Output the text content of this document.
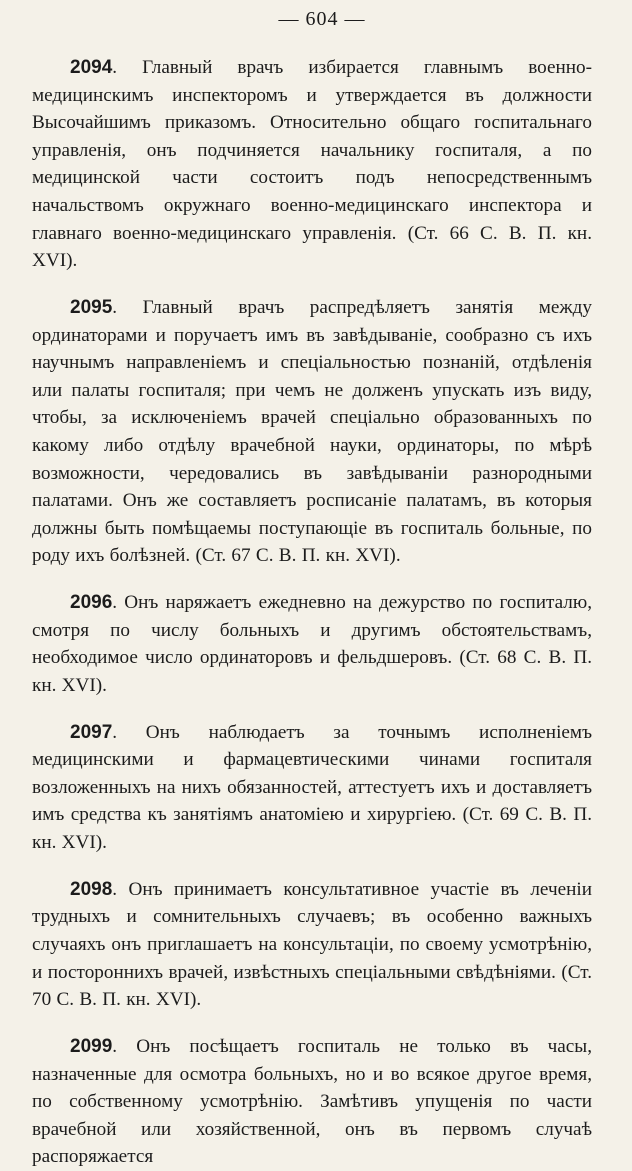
— 604 —

2094. Главный врачъ избирается главнымъ военно-медицинскимъ инспекторомъ и утверждается въ должности Высочайшимъ приказомъ. Относительно общаго госпитальнаго управленія, онъ подчиняется начальнику госпиталя, а по медицинской части состоитъ подъ непосредственнымъ начальствомъ окружнаго военно-медицинскаго инспектора и главнаго военно-медицинскаго управленія. (Ст. 66 С. В. П. кн. XVI).

2095. Главный врачъ распредѣляетъ занятія между ординаторами и поручаетъ имъ въ завѣдываніе, сообразно съ ихъ научнымъ направленіемъ и спеціальностью познаній, отдѣленія или палаты госпиталя; при чемъ не долженъ упускать изъ виду, чтобы, за исключеніемъ врачей спеціально образованныхъ по какому либо отдѣлу врачебной науки, ординаторы, по мѣрѣ возможности, чередовались въ завѣдываніи разнородными палатами. Онъ же составляетъ росписаніе палатамъ, въ которыя должны быть помѣщаемы поступающіе въ госпиталь больные, по роду ихъ болѣзней. (Ст. 67 С. В. П. кн. XVI).

2096. Онъ наряжаетъ ежедневно на дежурство по госпиталю, смотря по числу больныхъ и другимъ обстоятельствамъ, необходимое число ординаторовъ и фельдшеровъ. (Ст. 68 С. В. П. кн. XVI).

2097. Онъ наблюдаетъ за точнымъ исполненіемъ медицинскими и фармацевтическими чинами госпиталя возложенныхъ на нихъ обязанностей, аттестуетъ ихъ и доставляетъ имъ средства къ занятіямъ анатоміею и хирургіею. (Ст. 69 С. В. П. кн. XVI).

2098. Онъ принимаетъ консультативное участіе въ леченіи трудныхъ и сомнительныхъ случаевъ; въ особенно важныхъ случаяхъ онъ приглашаетъ на консультаціи, по своему усмотрѣнію, и постороннихъ врачей, извѣстныхъ спеціальными свѣдѣніями. (Ст. 70 С. В. П. кн. XVI).

2099. Онъ посѣщаетъ госпиталь не только въ часы, назначенные для осмотра больныхъ, но и во всякое другое время, по собственному усмотрѣнію. Замѣтивъ упущенія по части врачебной или хозяйственной, онъ въ первомъ случаѣ распоряжается
